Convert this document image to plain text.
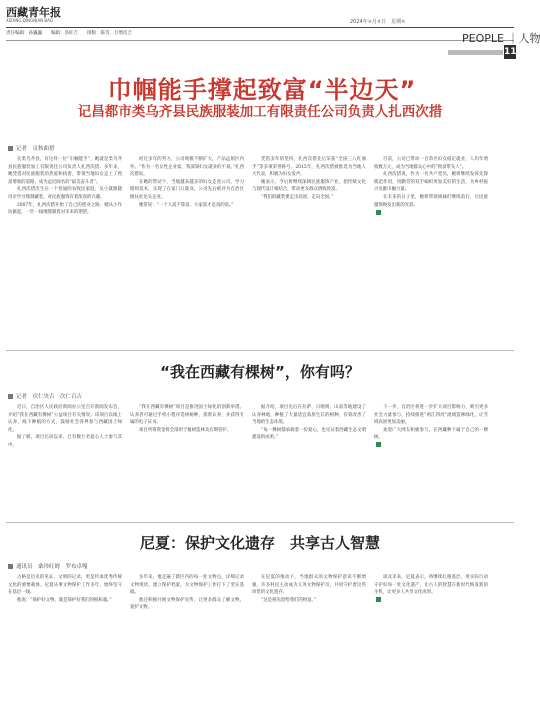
西藏青年报
XIZANG QINGNIAN BAO
责任编辑：孙巍巍　　编辑：洛旺吉　　排版：陈雪、旦增次吉
2024年×月×日　星期×
PEOPLE ｜人物
11
巾帼能手撑起致富“半边天”
记昌都市类乌齐县民族服装加工有限责任公司负责人扎西次措
记者　贡秋曲措

在类乌齐县，有这样一位“巾帼能手”，她就是类乌齐县民族服装加工有限责任公司负责人扎西次措。多年来，她凭借对民族服装的热爱和执着，带领当地妇女走上了致富增收的道路，成为远近闻名的“最美奋斗者”。

扎西次措出生在一个普通的农牧民家庭，从小就跟随母亲学习缝制藏装，对民族服饰有着浓厚的兴趣。

2007年，扎西次措开始了自己的创业之路，她从小作坊做起，一针一线地缝制着对未来的期望。

经过多年的努力，公司规模不断扩大，产品远销区内外。“作为一名女性企业家，我深知妇女就业的不易。”扎西次措说。

在她的带动下，当地越来越多的妇女走进公司，学习缝纫技术，实现了在家门口就业。公司先后被评为自治区级扶贫龙头企业。

她常说：“一个人富不算富，大家富才是真的富。”

凭借多年的坚持，扎西次措先后荣获“全国三八红旗手”等多项荣誉称号。2015年，扎西次措被推选为当地人大代表，积极为妇女发声。

她表示，今后将继续深耕民族服饰产业，把传统文化与现代设计相结合，带动更多群众增收致富。

“我们的藏装要走出高原，走向全国。”

目前，公司已带动一百余名妇女稳定就业，人均年增收数万元，成为当地群众心中的“致富带头人”。

扎西次措说，作为一名共产党员，她将继续发挥先锋模范作用，用勤劳的双手编织更加美好的生活，为乡村振兴贡献巾帼力量。

在未来的日子里，她将带领姐妹们继续前行，让民族服饰焕发出新的光彩。

“我在西藏有棵树”，你有吗？
记者　次仁央吉　次仁百吉

近日，自治区人民政府新闻办公室召开新闻发布会，介绍“我在西藏有棵树”公益项目有关情况。该项目以线上认养、线下种植的方式，鼓励社会各界参与西藏国土绿化。

据了解，项目启动以来，已有数万名爱心人士参与其中。

“我在西藏有棵树”项目是推进国土绿化的创新举措。认养者可通过手机小程序选择树种，捐资认养，并获得专属的电子证书。

项目所筹资金将全部用于植树造林及后期管护。

据介绍，项目先后在拉萨、日喀则、山南等地建设了认养林地，种植了大量适宜高原生长的树种，有效改善了当地的生态环境。

“每一棵树都承载着一份爱心，也见证着西藏生态文明建设的成果。”

下一步，自治区将进一步扩大项目影响力，吸引更多社会力量参与，持续推进“两江四河”流域造林绿化，让雪域高原更加美丽。

欢迎广大网友积极参与，在西藏种下属于自己的一棵树。

尼夏：保护文化遗存　共享古人智慧
通讯员　桑珍旺姆　罗布卓嘎

古格是历史的见证，文明的记录，更是传承优秀传统文化的重要载体。尼夏从事文物保护工作多年，始终坚守在基层一线。

他说：“保护好文物，就是保护好我们的根和魂。”

多年来，他走遍了辖区内的每一处文物点，详细记录文物现状，建立保护档案，为文物保护工作打下了坚实基础。

他还积极开展文物保护宣传，让更多群众了解文物、爱护文物。

在尼夏的推动下，当地群众的文物保护意识不断增强，许多村民主动成为义务文物保护员，共同守护着这些珍贵的文化遗存。

“这是祖先留给我们的财富。”

谈及未来，尼夏表示，将继续扎根基层，用实际行动守护好每一处文化遗产，让古人的智慧在新时代焕发新的生机，让更多人共享文化成果。
